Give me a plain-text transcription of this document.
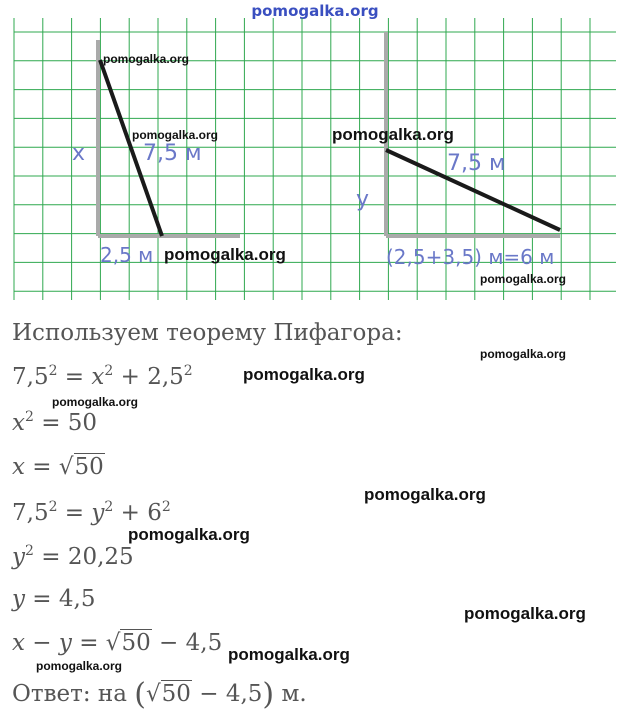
pomogalka.org
x	7,5 м
2,5 м
y
7,5 м
(2,5+3,5) м=6 м
pomogalka.org
pomogalka.org
pomogalka.org
pomogalka.org
pomogalka.org
Используем теорему Пифагора:
$7,5^2 = x^2 + 2,5^2$
$x^2 = 50$
x = √50
$7,5^2 = y^2 + 6^2$
$y^2 = 20,25$
y = 4,5
x − y = √50 − 4,5
Ответ: на (√50 − 4,5) м.
pomogalka.org
pomogalka.org
pomogalka.org
pomogalka.org
pomogalka.org
pomogalka.org
pomogalka.org
pomogalka.org
